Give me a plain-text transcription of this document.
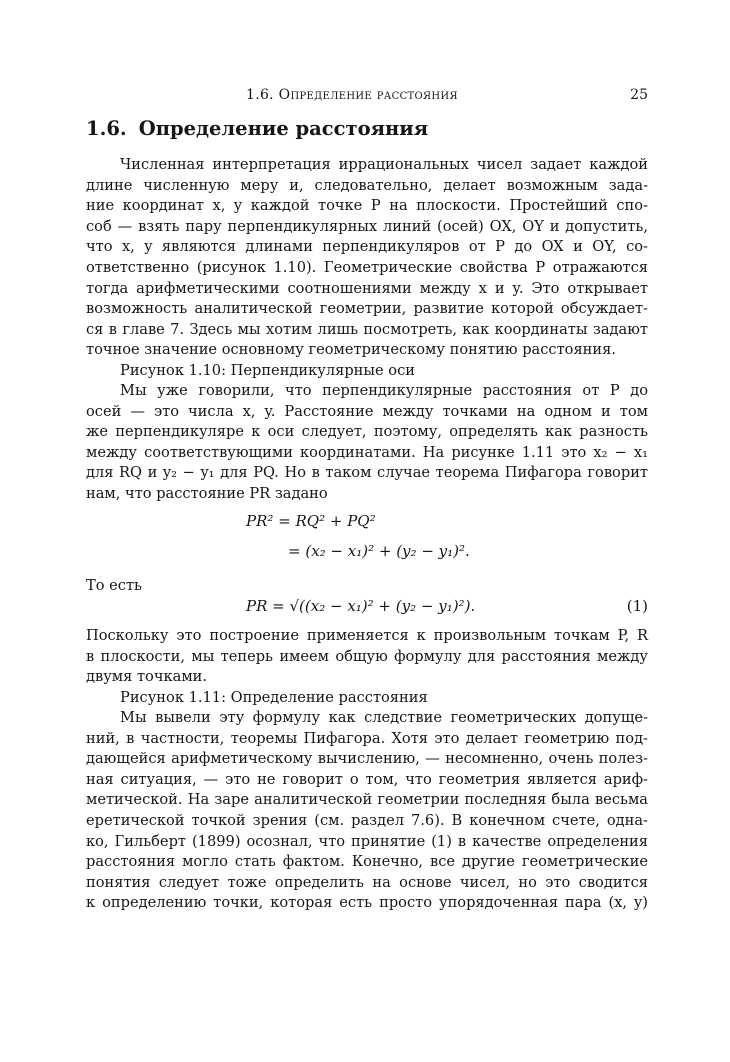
1.6. Определение расстояния	25
1.6. Определение расстояния
Численная интерпретация иррациональных чисел задает каждой
длине численную меру и, следовательно, делает возможным зада-
ние координат x, y каждой точке P на плоскости. Простейший спо-
соб — взять пару перпендикулярных линий (осей) OX, OY и допустить,
что x, y являются длинами перпендикуляров от P до OX и OY, со-
ответственно (рисунок 1.10). Геометрические свойства P отражаются
тогда арифметическими соотношениями между x и y. Это открывает
возможность аналитической геометрии, развитие которой обсуждает-
ся в главе 7. Здесь мы хотим лишь посмотреть, как координаты задают
точное значение основному геометрическому понятию расстояния.
Рисунок 1.10: Перпендикулярные оси
Мы уже говорили, что перпендикулярные расстояния от P до
осей — это числа x, y. Расстояние между точками на одном и том
же перпендикуляре к оси следует, поэтому, определять как разность
между соответствующими координатами. На рисунке 1.11 это x₂ − x₁
для RQ и y₂ − y₁ для PQ. Но в таком случае теорема Пифагора говорит
нам, что расстояние PR задано
PR² = RQ² + PQ²
= (x₂ − x₁)² + (y₂ − y₁)².
То есть
PR = √((x₂ − x₁)² + (y₂ − y₁)²).	(1)
Поскольку это построение применяется к произвольным точкам P, R
в плоскости, мы теперь имеем общую формулу для расстояния между
двумя точками.
Рисунок 1.11: Определение расстояния
Мы вывели эту формулу как следствие геометрических допуще-
ний, в частности, теоремы Пифагора. Хотя это делает геометрию под-
дающейся арифметическому вычислению, — несомненно, очень полез-
ная ситуация, — это не говорит о том, что геометрия является ариф-
метической. На заре аналитической геометрии последняя была весьма
еретической точкой зрения (см. раздел 7.6). В конечном счете, одна-
ко, Гильберт (1899) осознал, что принятие (1) в качестве определения
расстояния могло стать фактом. Конечно, все другие геометрические
понятия следует тоже определить на основе чисел, но это сводится
к определению точки, которая есть просто упорядоченная пара (x, y)
